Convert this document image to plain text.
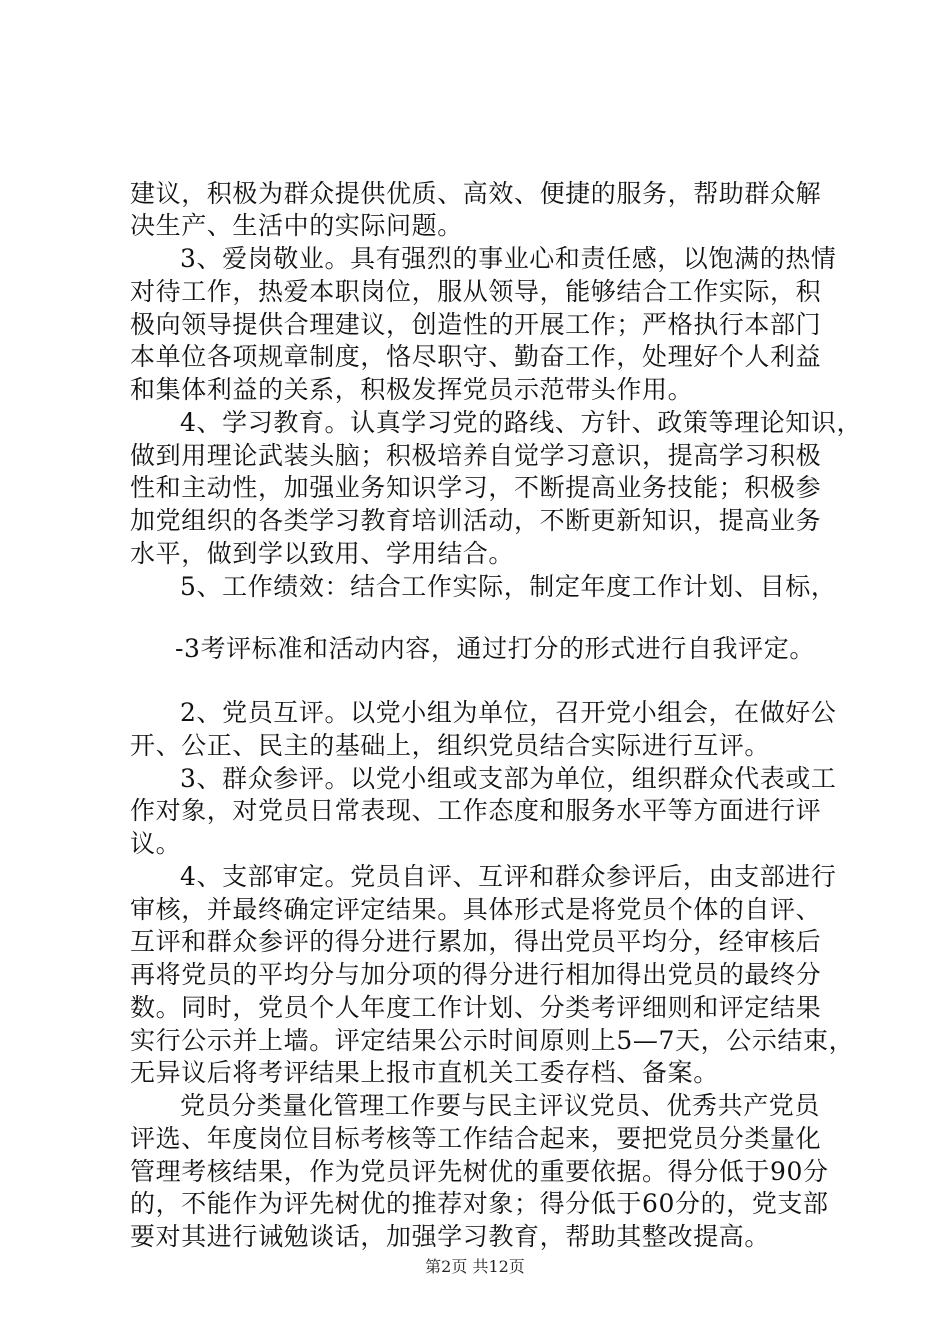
建议，积极为群众提供优质、高效、便捷的服务，帮助群众解
决生产、生活中的实际问题。
3、爱岗敬业。具有强烈的事业心和责任感，以饱满的热情
对待工作，热爱本职岗位，服从领导，能够结合工作实际，积
极向领导提供合理建议，创造性的开展工作；严格执行本部门
本单位各项规章制度，恪尽职守、勤奋工作，处理好个人利益
和集体利益的关系，积极发挥党员示范带头作用。
4、学习教育。认真学习党的路线、方针、政策等理论知识，
做到用理论武装头脑；积极培养自觉学习意识，提高学习积极
性和主动性，加强业务知识学习，不断提高业务技能；积极参
加党组织的各类学习教育培训活动，不断更新知识，提高业务
水平，做到学以致用、学用结合。
5、工作绩效：结合工作实际，制定年度工作计划、目标，
-3考评标准和活动内容，通过打分的形式进行自我评定。
2、党员互评。以党小组为单位，召开党小组会，在做好公
开、公正、民主的基础上，组织党员结合实际进行互评。
3、群众参评。以党小组或支部为单位，组织群众代表或工
作对象，对党员日常表现、工作态度和服务水平等方面进行评
议。
4、支部审定。党员自评、互评和群众参评后，由支部进行
审核，并最终确定评定结果。具体形式是将党员个体的自评、
互评和群众参评的得分进行累加，得出党员平均分，经审核后
再将党员的平均分与加分项的得分进行相加得出党员的最终分
数。同时，党员个人年度工作计划、分类考评细则和评定结果
实行公示并上墙。评定结果公示时间原则上5—7天，公示结束，
无异议后将考评结果上报市直机关工委存档、备案。
党员分类量化管理工作要与民主评议党员、优秀共产党员
评选、年度岗位目标考核等工作结合起来，要把党员分类量化
管理考核结果，作为党员评先树优的重要依据。得分低于90分
的，不能作为评先树优的推荐对象；得分低于60分的，党支部
要对其进行诫勉谈话，加强学习教育，帮助其整改提高。
第2页 共12页
